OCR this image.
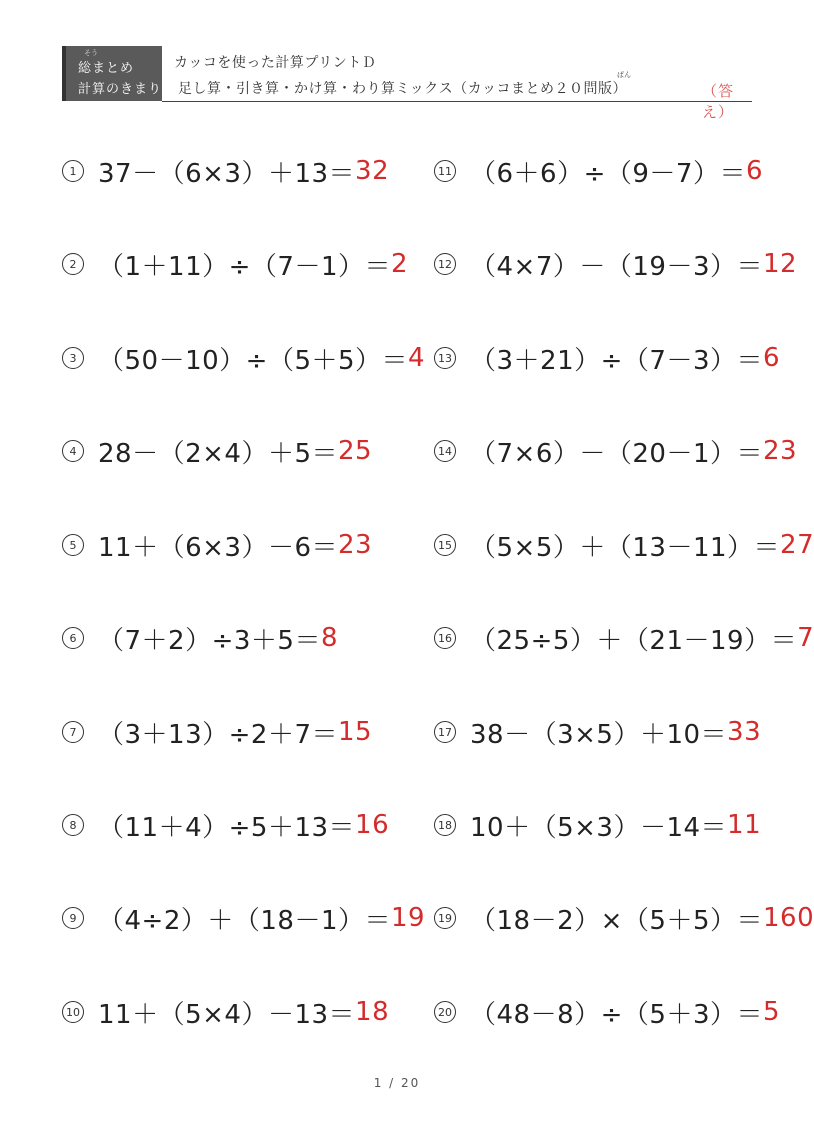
そう
総まとめ
計算のきまり
カッコを使った計算プリントＤ
ばん
足し算・引き算・かけ算・わり算ミックス（カッコまとめ２０問版）	（答え）
1 37－（6×3）＋13＝ 32
2 （1＋11）÷（7－1）＝ 2
3 （50－10）÷（5＋5）＝ 4
4 28－（2×4）＋5＝ 25
5 11＋（6×3）－6＝ 23
6 （7＋2）÷3＋5＝ 8
7 （3＋13）÷2＋7＝ 15
8 （11＋4）÷5＋13＝ 16
9 （4÷2）＋（18－1）＝ 19
10 11＋（5×4）－13＝ 18
11 （6＋6）÷（9－7）＝ 6
12 （4×7）－（19－3）＝ 12
13 （3＋21）÷（7－3）＝ 6
14 （7×6）－（20－1）＝ 23
15 （5×5）＋（13－11）＝ 27
16 （25÷5）＋（21－19）＝ 7
17 38－（3×5）＋10＝ 33
18 10＋（5×3）－14＝ 11
19 （18－2）×（5＋5）＝ 160
20 （48－8）÷（5＋3）＝ 5
1 / 20
